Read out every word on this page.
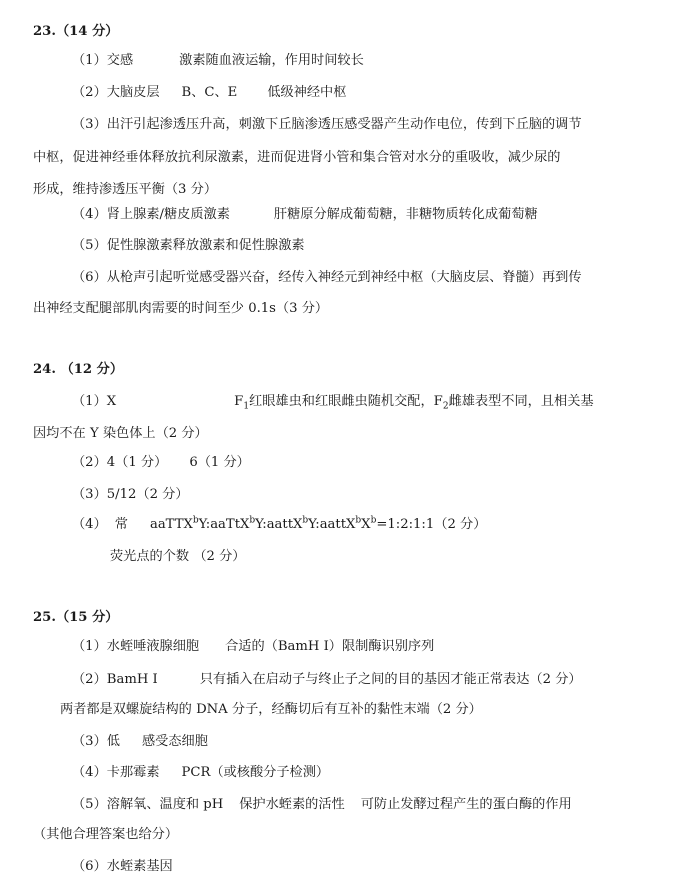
23.（14 分）
（1）交感	激素随血液运输，作用时间较长
（2）大脑皮层 B、C、E 低级神经中枢
（3）出汗引起渗透压升高，刺激下丘脑渗透压感受器产生动作电位，传到下丘脑的调节
中枢，促进神经垂体释放抗利尿激素，进而促进肾小管和集合管对水分的重吸收，减少尿的
形成，维持渗透压平衡（3 分）
（4）肾上腺素/糖皮质激素	肝糖原分解成葡萄糖，非糖物质转化成葡萄糖
（5）促性腺激素释放激素和促性腺激素
（6）从枪声引起听觉感受器兴奋，经传入神经元到神经中枢（大脑皮层、脊髓）再到传
出神经支配腿部肌肉需要的时间至少 0.1s（3 分）
24. （12 分）
（1）X	$F_1$红眼雄虫和红眼雌虫随机交配，$F_2$雌雄表型不同，且相关基
因均不在 Y 染色体上（2 分）
（2）4（1 分） 6（1 分）
（3）5/12（2 分）
（4） 常 $aaTTX^bY:aaTtX^bY:aattX^bY:aattX^bX^b=1:2:1:1(2$ 分）
荧光点的个数 （2 分）
25.（15 分）
（1）水蛭唾液腺细胞 合适的（BamH I）限制酶识别序列
（2）BamH I	只有插入在启动子与终止子之间的目的基因才能正常表达（2 分）
两者都是双螺旋结构的 DNA 分子，经酶切后有互补的黏性末端（2 分）
（3）低 感受态细胞
（4）卡那霉素 PCR（或核酸分子检测）
（5）溶解氧、温度和 pH 保护水蛭素的活性 可防止发酵过程产生的蛋白酶的作用
（其他合理答案也给分）
（6）水蛭素基因
